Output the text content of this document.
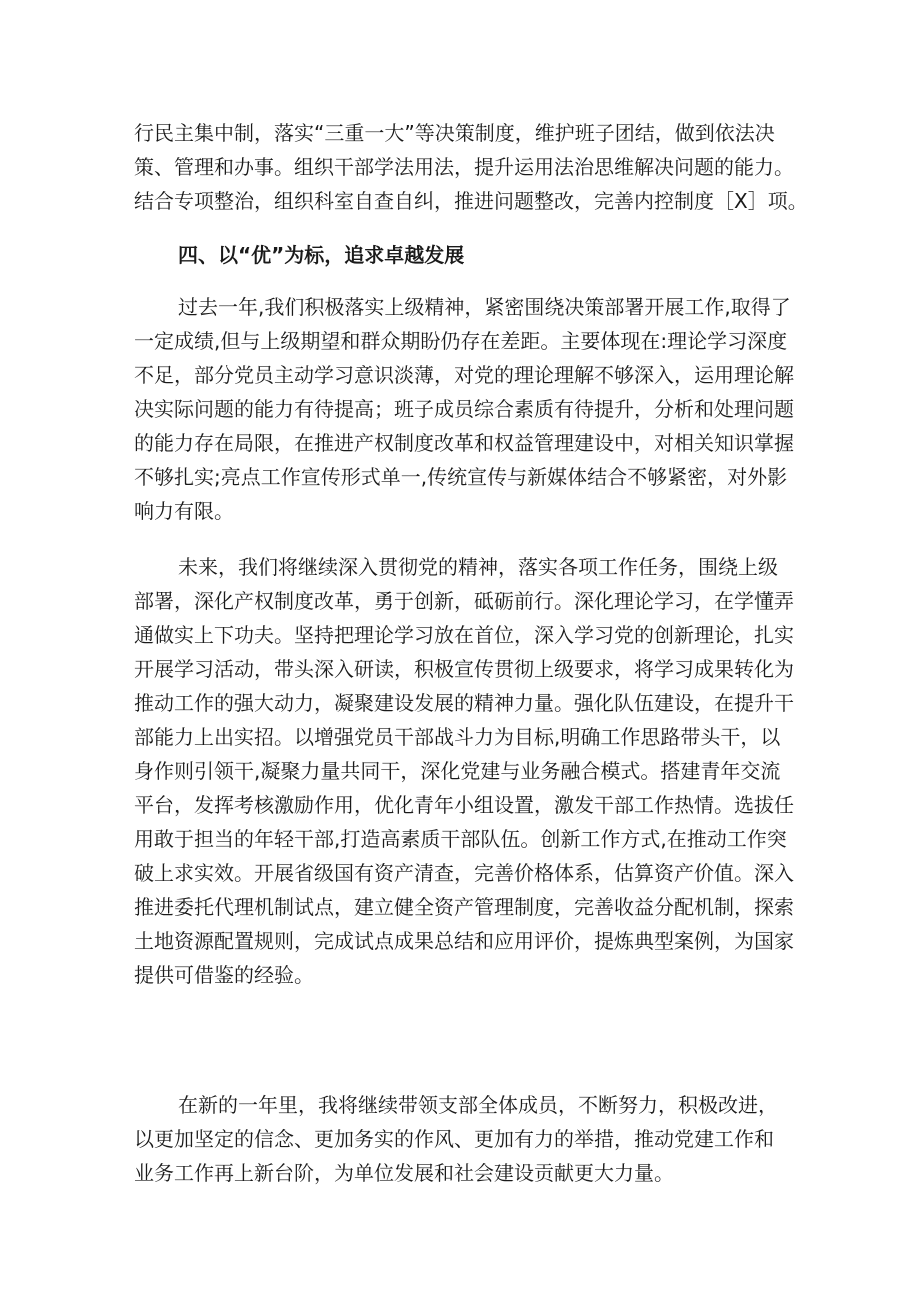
行民主集中制，落实“三重一大”等决策制度，维护班子团结，做到依法决
策、管理和办事。组织干部学法用法，提升运用法治思维解决问题的能力。
结合专项整治，组织科室自查自纠，推进问题整改，完善内控制度［X］项。
四、以“优”为标，追求卓越发展
过去一年,我们积极落实上级精神，紧密围绕决策部署开展工作,取得了
一定成绩,但与上级期望和群众期盼仍存在差距。主要体现在:理论学习深度
不足，部分党员主动学习意识淡薄，对党的理论理解不够深入，运用理论解
决实际问题的能力有待提高；班子成员综合素质有待提升，分析和处理问题
的能力存在局限，在推进产权制度改革和权益管理建设中，对相关知识掌握
不够扎实;亮点工作宣传形式单一,传统宣传与新媒体结合不够紧密，对外影
响力有限。
未来，我们将继续深入贯彻党的精神，落实各项工作任务，围绕上级
部署，深化产权制度改革，勇于创新，砥砺前行。深化理论学习，在学懂弄
通做实上下功夫。坚持把理论学习放在首位，深入学习党的创新理论，扎实
开展学习活动，带头深入研读，积极宣传贯彻上级要求，将学习成果转化为
推动工作的强大动力，凝聚建设发展的精神力量。强化队伍建设，在提升干
部能力上出实招。以增强党员干部战斗力为目标,明确工作思路带头干，以
身作则引领干,凝聚力量共同干，深化党建与业务融合模式。搭建青年交流
平台，发挥考核激励作用，优化青年小组设置，激发干部工作热情。选拔任
用敢于担当的年轻干部,打造高素质干部队伍。创新工作方式,在推动工作突
破上求实效。开展省级国有资产清查，完善价格体系，估算资产价值。深入
推进委托代理机制试点，建立健全资产管理制度，完善收益分配机制，探索
土地资源配置规则，完成试点成果总结和应用评价，提炼典型案例，为国家
提供可借鉴的经验。
在新的一年里，我将继续带领支部全体成员，不断努力，积极改进，
以更加坚定的信念、更加务实的作风、更加有力的举措，推动党建工作和
业务工作再上新台阶，为单位发展和社会建设贡献更大力量。
